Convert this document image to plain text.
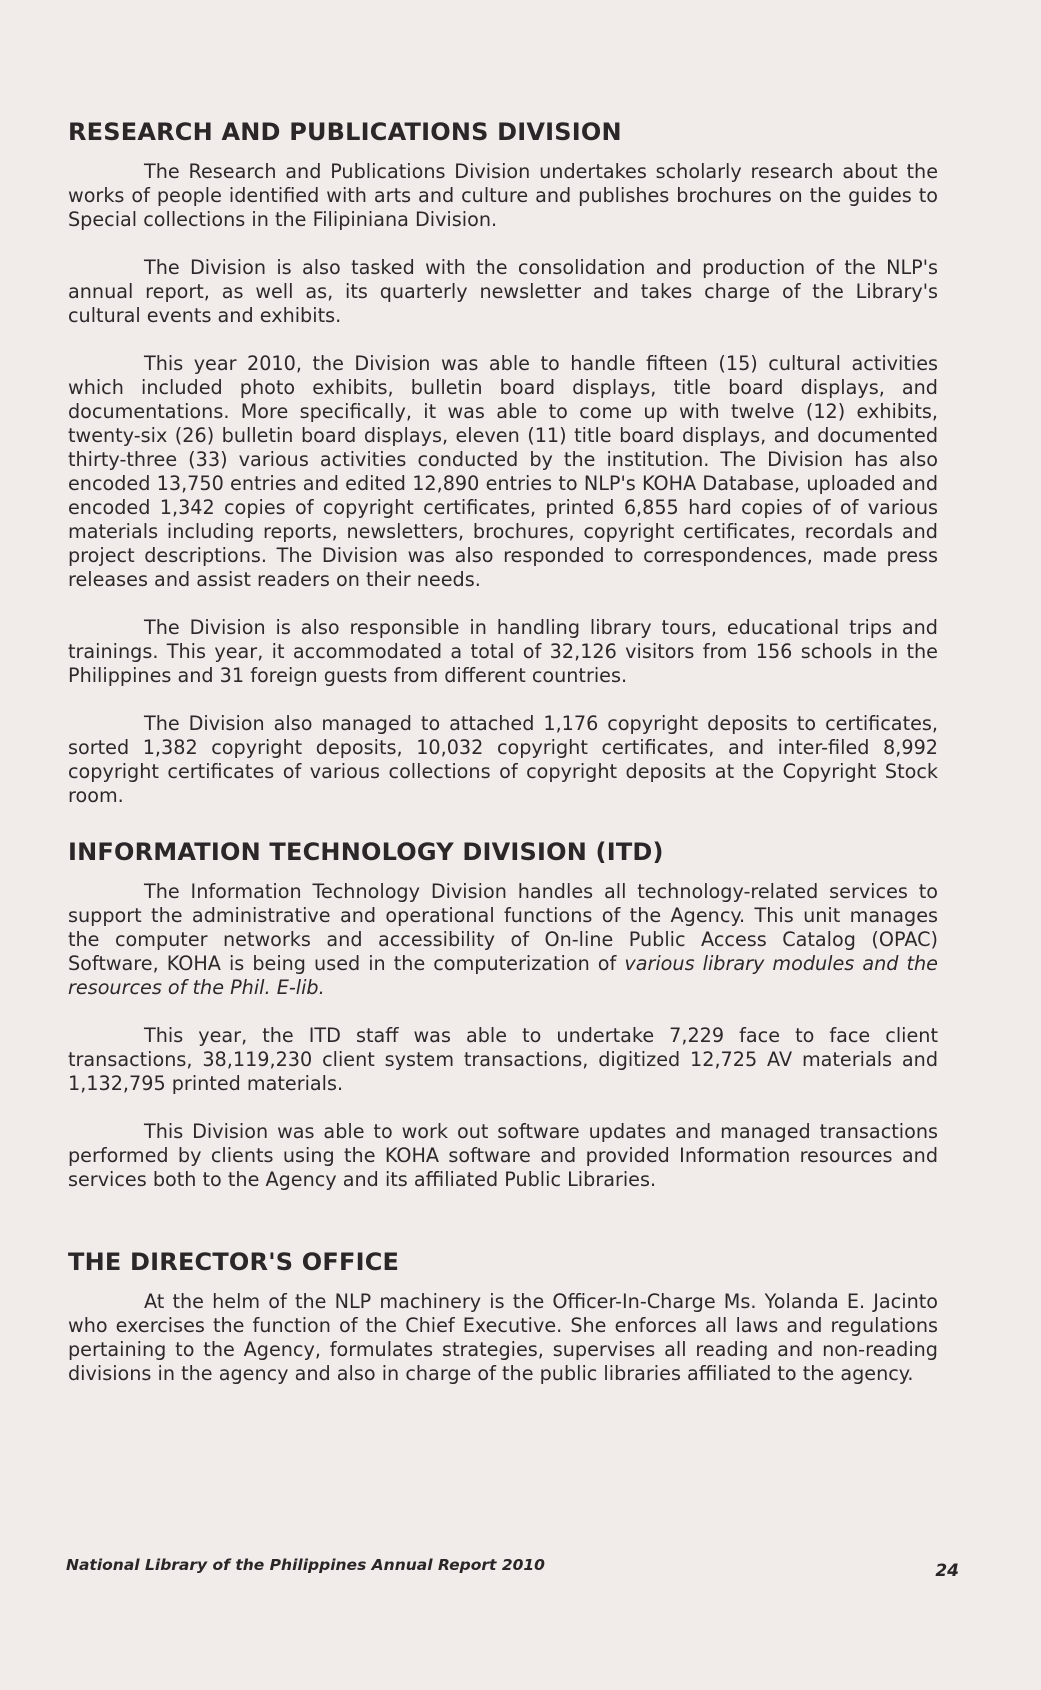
RESEARCH AND PUBLICATIONS DIVISION

The Research and Publications Division undertakes scholarly research about the works of people identified with arts and culture and publishes brochures on the guides to Special collections in the Filipiniana Division.

The Division is also tasked with the consolidation and production of the NLP's annual report, as well as, its quarterly newsletter and takes charge of the Library's cultural events and exhibits.

This year 2010, the Division was able to handle fifteen (15) cultural activities which included photo exhibits, bulletin board displays, title board displays, and documentations. More specifically, it was able to come up with twelve (12) exhibits, twenty-six (26) bulletin board displays, eleven (11) title board displays, and documented thirty-three (33) various activities conducted by the institution. The Division has also encoded 13,750 entries and edited 12,890 entries to NLP's KOHA Database, uploaded and encoded 1,342 copies of copyright certificates, printed 6,855 hard copies of of various materials including reports, newsletters, brochures, copyright certificates, recordals and project descriptions. The Division was also responded to correspondences, made press releases and assist readers on their needs.

The Division is also responsible in handling library tours, educational trips and trainings. This year, it accommodated a total of 32,126 visitors from 156 schools in the Philippines and 31 foreign guests from different countries.

The Division also managed to attached 1,176 copyright deposits to certificates, sorted 1,382 copyright deposits, 10,032 copyright certificates, and inter-filed 8,992 copyright certificates of various collections of copyright deposits at the Copyright Stock room.

INFORMATION TECHNOLOGY DIVISION (ITD)

The Information Technology Division handles all technology-related services to support the administrative and operational functions of the Agency. This unit manages the computer networks and accessibility of On-line Public Access Catalog (OPAC) Software, KOHA is being used in the computerization of various library modules and the resources of the Phil. E-lib.

This year, the ITD staff was able to undertake 7,229 face to face client transactions, 38,119,230 client system transactions, digitized 12,725 AV materials and 1,132,795 printed materials.

This Division was able to work out software updates and managed transactions performed by clients using the KOHA software and provided Information resources and services both to the Agency and its affiliated Public Libraries.

THE DIRECTOR'S OFFICE

At the helm of the NLP machinery is the Officer-In-Charge Ms. Yolanda E. Jacinto who exercises the function of the Chief Executive. She enforces all laws and regulations pertaining to the Agency, formulates strategies, supervises all reading and non-reading divisions in the agency and also in charge of the public libraries affiliated to the agency.

National Library of the Philippines Annual Report 2010	24
